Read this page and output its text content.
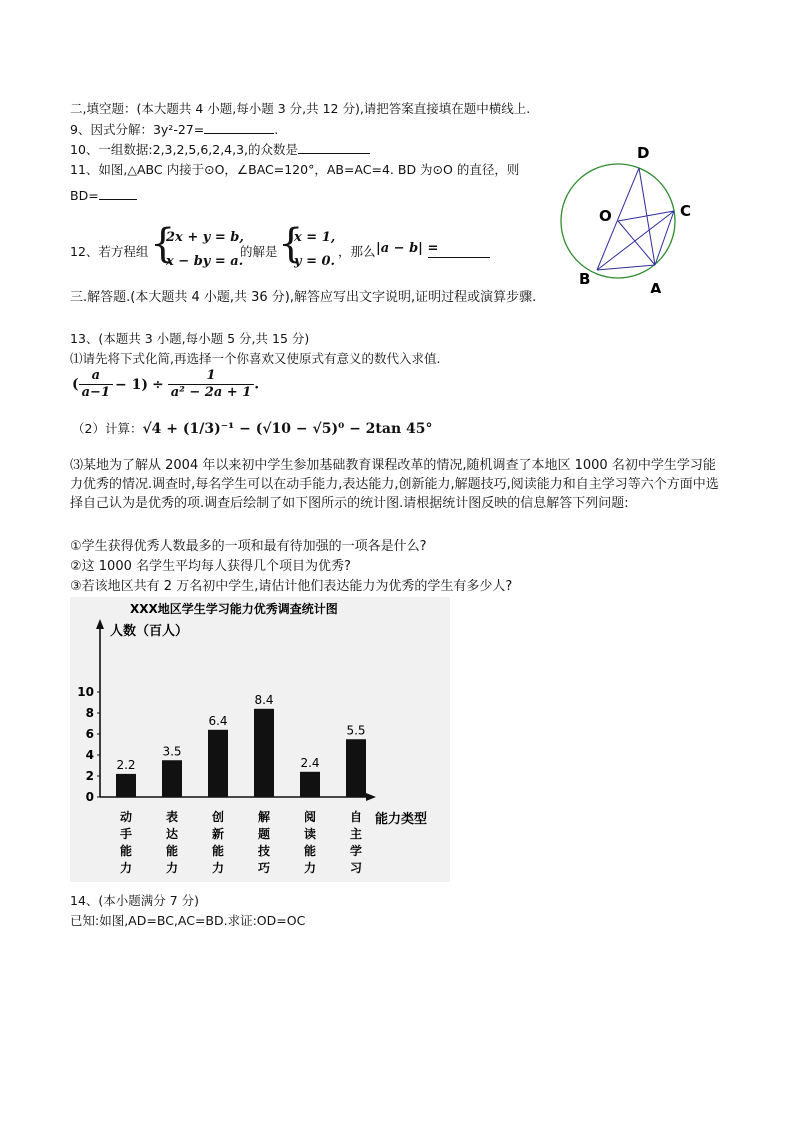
二,填空题：(本大题共 4 小题,每小题 3 分,共 12 分),请把答案直接填在题中横线上.
9、因式分解：3y²-27=	.
10、一组数据:2,3,2,5,6,2,4,3,的众数是
11、如图,△ABC 内接于⊙O，∠BAC=120°，AB=AC=4. BD 为⊙O 的直径，则
BD=
12、若方程组 {
2x + y = b,
x − by = a.
的解是 {
x = 1,
y = 0.
，那么 |a − b| =
D
C
O
B
A
三.解答题.(本大题共 4 小题,共 36 分),解答应写出文字说明,证明过程或演算步骤.
13、(本题共 3 小题,每小题 5 分,共 15 分)
⑴请先将下式化简,再选择一个你喜欢又使原式有意义的数代入求值.
( $\frac{a}{a-1} - 1) \div \frac{1}{\text{a² − 2a + 1}}$ .
（2）计算：√4 + (1/3)⁻¹ − (√10 − √5)⁰ − 2tan 45°
⑶某地为了解从 2004 年以来初中学生参加基础教育课程改革的情况,随机调查了本地区 1000 名初中学生学习能力优秀的情况.调查时,每名学生可以在动手能力,表达能力,创新能力,解题技巧,阅读能力和自主学习等六个方面中选择自己认为是优秀的项.调查后绘制了如下图所示的统计图.请根据统计图反映的信息解答下列问题:
①学生获得优秀人数最多的一项和最有待加强的一项各是什么?
②这 1000 名学生平均每人获得几个项目为优秀?
③若该地区共有 2 万名初中学生,请估计他们表达能力为优秀的学生有多少人?
XXX地区学生学习能力优秀调查统计图
人数（百人）
能力类型
0
2
4
6
8
10
2.2
动手能力
3.5
表达能力
6.4
创新能力
8.4
解题技巧
2.4
阅读能力
5.5
自主学习
14、(本小题满分 7 分)
已知:如图,AD=BC,AC=BD.求证:OD=OC
